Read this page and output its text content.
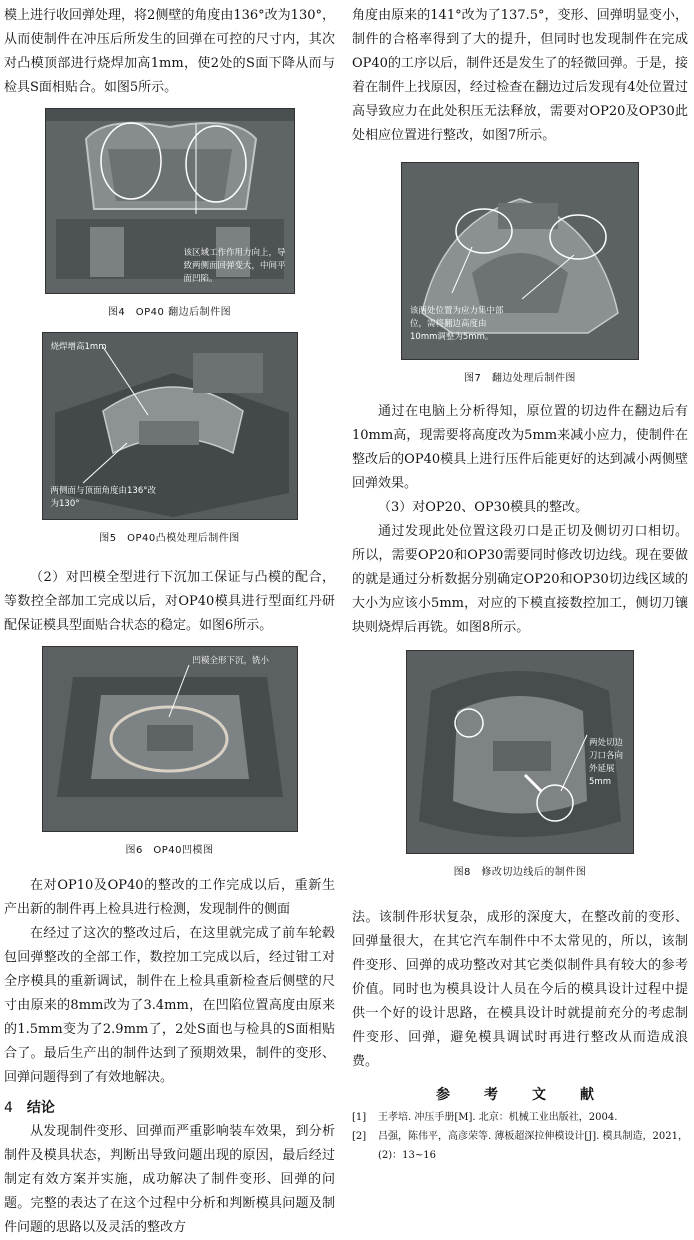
模上进行收回弹处理，将2侧壁的角度由136°改为130°，从而使制件在冲压后所发生的回弹在可控的尺寸内，其次对凸模顶部进行烧焊加高1mm，使2处的S面下降从而与检具S面相贴合。如图5所示。

该区域工作作用力向上，导致两侧面回弹变大，中间平面凹陷。

图4　OP40 翻边后制件图

烧焊增高1mm
两侧面与顶面角度由136°改为130°

图5　OP40凸模处理后制件图

（2）对凹模全型进行下沉加工保证与凸模的配合，等数控全部加工完成以后，对OP40模具进行型面红丹研配保证模具型面贴合状态的稳定。如图6所示。

凹模全形下沉，铣小

图6　OP40凹模图

在对OP10及OP40的整改的工作完成以后，重新生产出新的制件再上检具进行检测，发现制件的侧面

在经过了这次的整改过后，在这里就完成了前车轮毂包回弹整改的全部工作，数控加工完成以后，经过钳工对全序模具的重新调试，制件在上检具重新检查后侧壁的尺寸由原来的8mm改为了3.4mm，在凹陷位置高度由原来的1.5mm变为了2.9mm了，2处S面也与检具的S面相贴合了。最后生产出的制件达到了预期效果，制件的变形、回弹问题得到了有效地解决。

4 结论

从发现制件变形、回弹而严重影响装车效果，到分析制件及模具状态，判断出导致问题出现的原因，最后经过制定有效方案并实施，成功解决了制件变形、回弹的问题。完整的表达了在这个过程中分析和判断模具问题及制件问题的思路以及灵活的整改方

角度由原来的141°改为了137.5°，变形、回弹明显变小，制件的合格率得到了大的提升，但同时也发现制件在完成OP40的工序以后，制件还是发生了的轻微回弹。于是，接着在制件上找原因，经过检查在翻边过后发现有4处位置过高导致应力在此处积压无法释放，需要对OP20及OP30此处相应位置进行整改，如图7所示。

该两处位置为应力集中部位，需将翻边高度由10mm调整为5mm。

图7　翻边处理后制件图

通过在电脑上分析得知，原位置的切边件在翻边后有10mm高，现需要将高度改为5mm来减小应力，使制件在整改后的OP40模具上进行压件后能更好的达到减小两侧壁回弹效果。

（3）对OP20、OP30模具的整改。

通过发现此处位置这段刃口是正切及侧切刃口相切。所以，需要OP20和OP30需要同时修改切边线。现在要做的就是通过分析数据分别确定OP20和OP30切边线区域的大小为应该小5mm，对应的下模直接数控加工，侧切刀镶块则烧焊后再铣。如图8所示。

两处切边刀口各向外延展5mm

图8　修改切边线后的制件图

法。该制件形状复杂，成形的深度大，在整改前的变形、回弹量很大，在其它汽车制件中不太常见的，所以，该制件变形、回弹的成功整改对其它类似制件具有较大的参考价值。同时也为模具设计人员在今后的模具设计过程中提供一个好的设计思路，在模具设计时就提前充分的考虑制件变形、回弹，避免模具调试时再进行整改从而造成浪费。

参　考　文　献

[1]	王孝培. 冲压手册[M]. 北京：机械工业出版社，2004.
[2]	吕强，陈伟平，高彦荣等. 薄板超深拉伸模设计[J]. 模具制造，2021，(2)：13~16
